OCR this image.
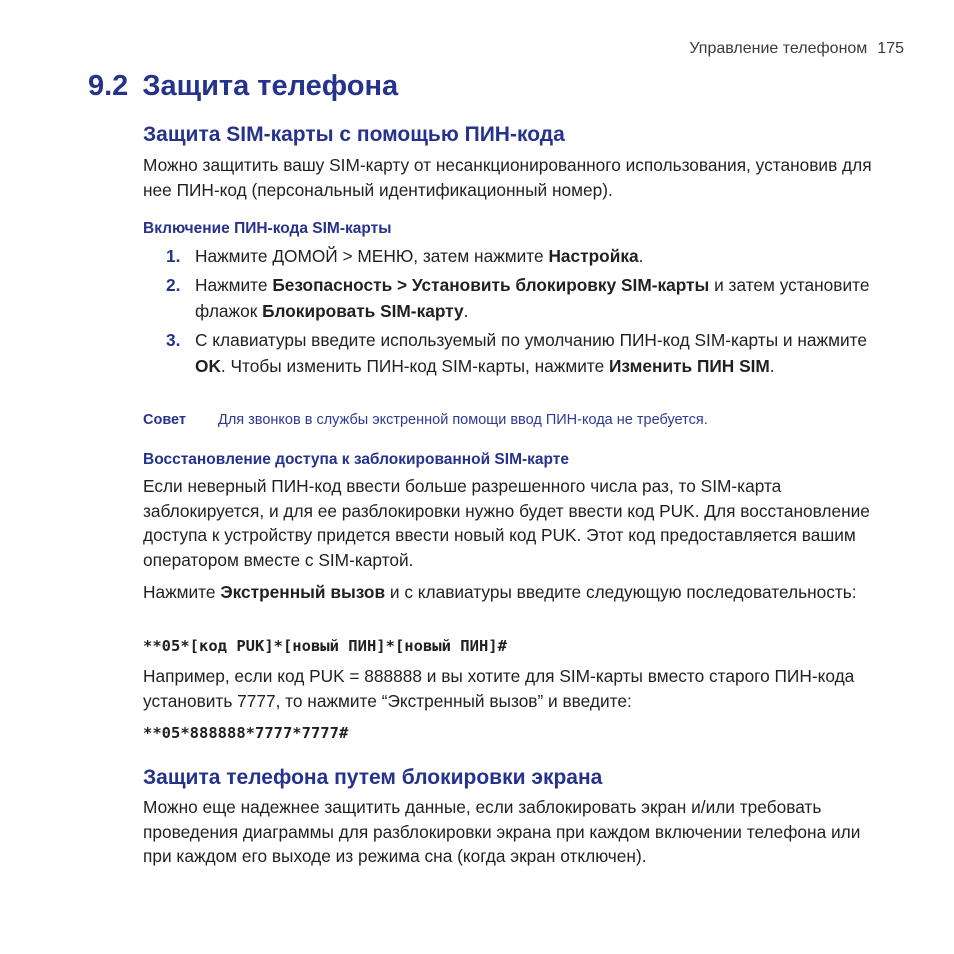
Управление телефоном 175
9.2 Защита телефона
Защита SIM-карты с помощью ПИН-кода
Можно защитить вашу SIM-карту от несанкционированного использования, установив для нее ПИН-код (персональный идентификационный номер).
Включение ПИН-кода SIM-карты
1. Нажмите ДОМОЙ > МЕНЮ, затем нажмите Настройка.
2. Нажмите Безопасность > Установить блокировку SIM-карты и затем установите флажок Блокировать SIM-карту.
3. С клавиатуры введите используемый по умолчанию ПИН-код SIM-карты и нажмите OK. Чтобы изменить ПИН-код SIM-карты, нажмите Изменить ПИН SIM.
Совет Для звонков в службы экстренной помощи ввод ПИН-кода не требуется.
Восстановление доступа к заблокированной SIM-карте
Если неверный ПИН-код ввести больше разрешенного числа раз, то SIM-карта заблокируется, и для ее разблокировки нужно будет ввести код PUK. Для восстановление доступа к устройству придется ввести новый код PUK. Этот код предоставляется вашим оператором вместе с SIM-картой.
Нажмите Экстренный вызов и с клавиатуры введите следующую последовательность:
**05*[код PUK]*[новый ПИН]*[новый ПИН]#
Например, если код PUK = 888888 и вы хотите для SIM-карты вместо старого ПИН-кода установить 7777, то нажмите “Экстренный вызов” и введите:
**05*888888*7777*7777#
Защита телефона путем блокировки экрана
Можно еще надежнее защитить данные, если заблокировать экран и/или требовать проведения диаграммы для разблокировки экрана при каждом включении телефона или при каждом его выходе из режима сна (когда экран отключен).
